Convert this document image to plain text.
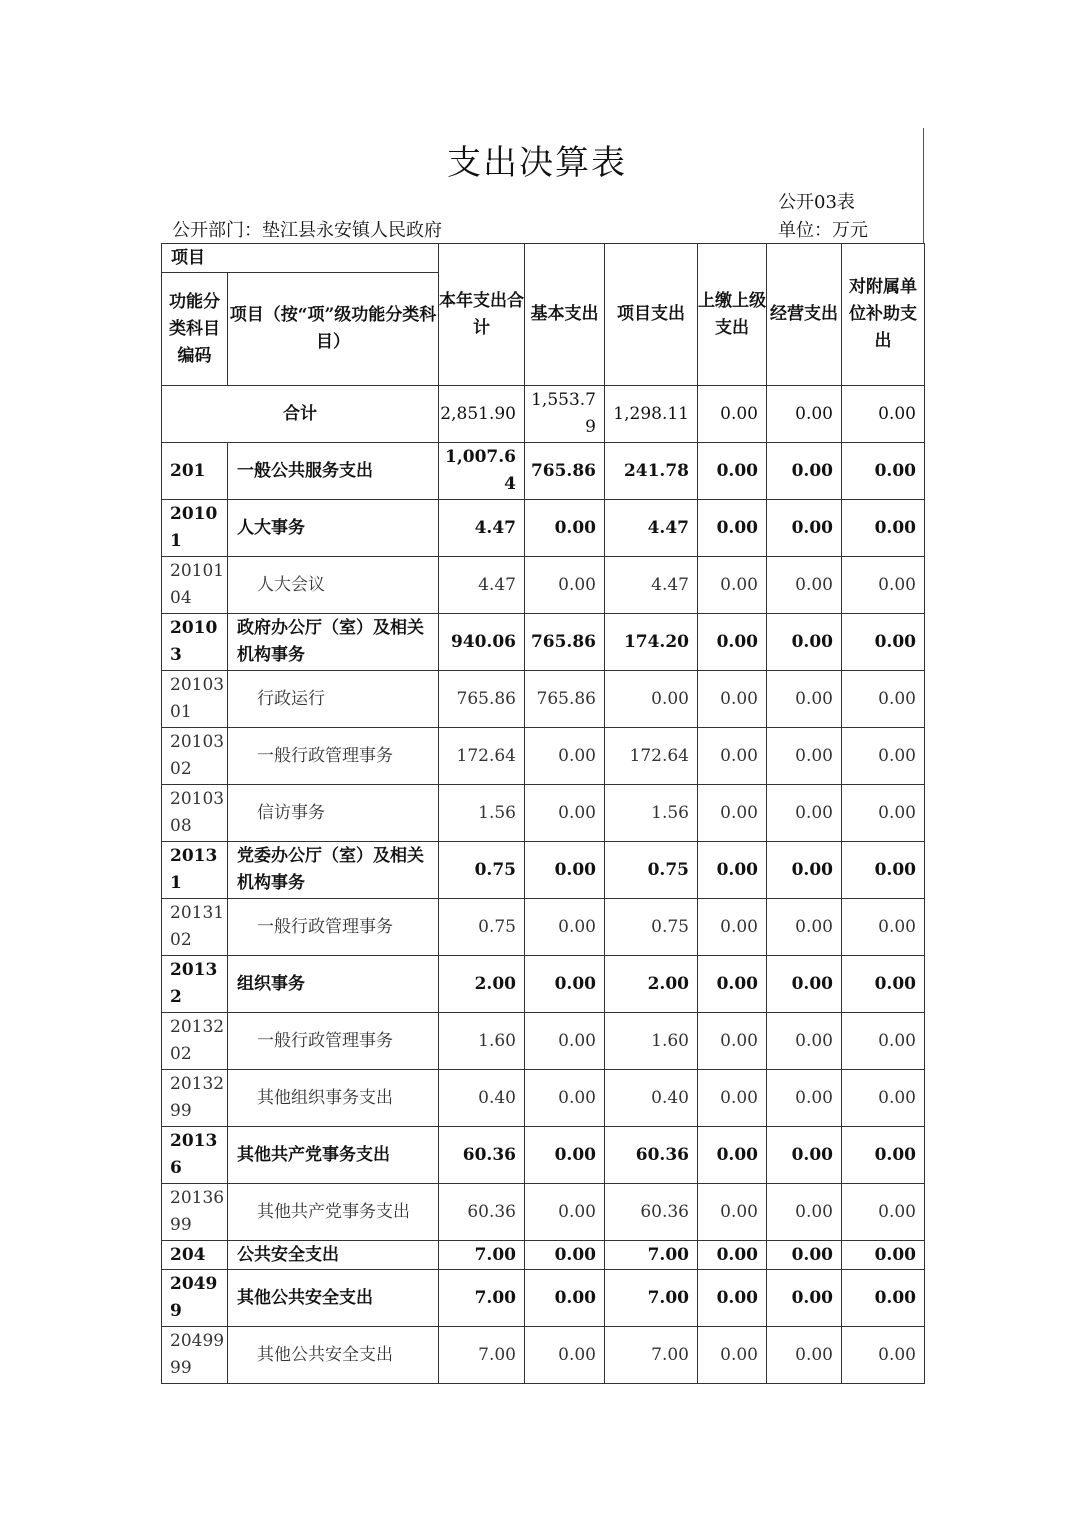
支出决算表
公开03表
公开部门：垫江县永安镇人民政府	单位：万元
项目		本年支出合计	基本支出	项目支出	上缴上级支出	经营支出	对附属单位补助支出
功能分类科目编码	项目（按“项”级功能分类科目）						
合计		2,851.90	1,553.79	1,298.11	0.00	0.00	0.00
201	一般公共服务支出	1,007.64	765.86	241.78	0.00	0.00	0.00
20101	人大事务	4.47	0.00	4.47	0.00	0.00	0.00
2010104	人大会议	4.47	0.00	4.47	0.00	0.00	0.00
20103	政府办公厅（室）及相关机构事务	940.06	765.86	174.20	0.00	0.00	0.00
2010301	行政运行	765.86	765.86	0.00	0.00	0.00	0.00
2010302	一般行政管理事务	172.64	0.00	172.64	0.00	0.00	0.00
2010308	信访事务	1.56	0.00	1.56	0.00	0.00	0.00
20131	党委办公厅（室）及相关机构事务	0.75	0.00	0.75	0.00	0.00	0.00
2013102	一般行政管理事务	0.75	0.00	0.75	0.00	0.00	0.00
20132	组织事务	2.00	0.00	2.00	0.00	0.00	0.00
2013202	一般行政管理事务	1.60	0.00	1.60	0.00	0.00	0.00
2013299	其他组织事务支出	0.40	0.00	0.40	0.00	0.00	0.00
20136	其他共产党事务支出	60.36	0.00	60.36	0.00	0.00	0.00
2013699	其他共产党事务支出	60.36	0.00	60.36	0.00	0.00	0.00
204	公共安全支出	7.00	0.00	7.00	0.00	0.00	0.00
20499	其他公共安全支出	7.00	0.00	7.00	0.00	0.00	0.00
2049999	其他公共安全支出	7.00	0.00	7.00	0.00	0.00	0.00
